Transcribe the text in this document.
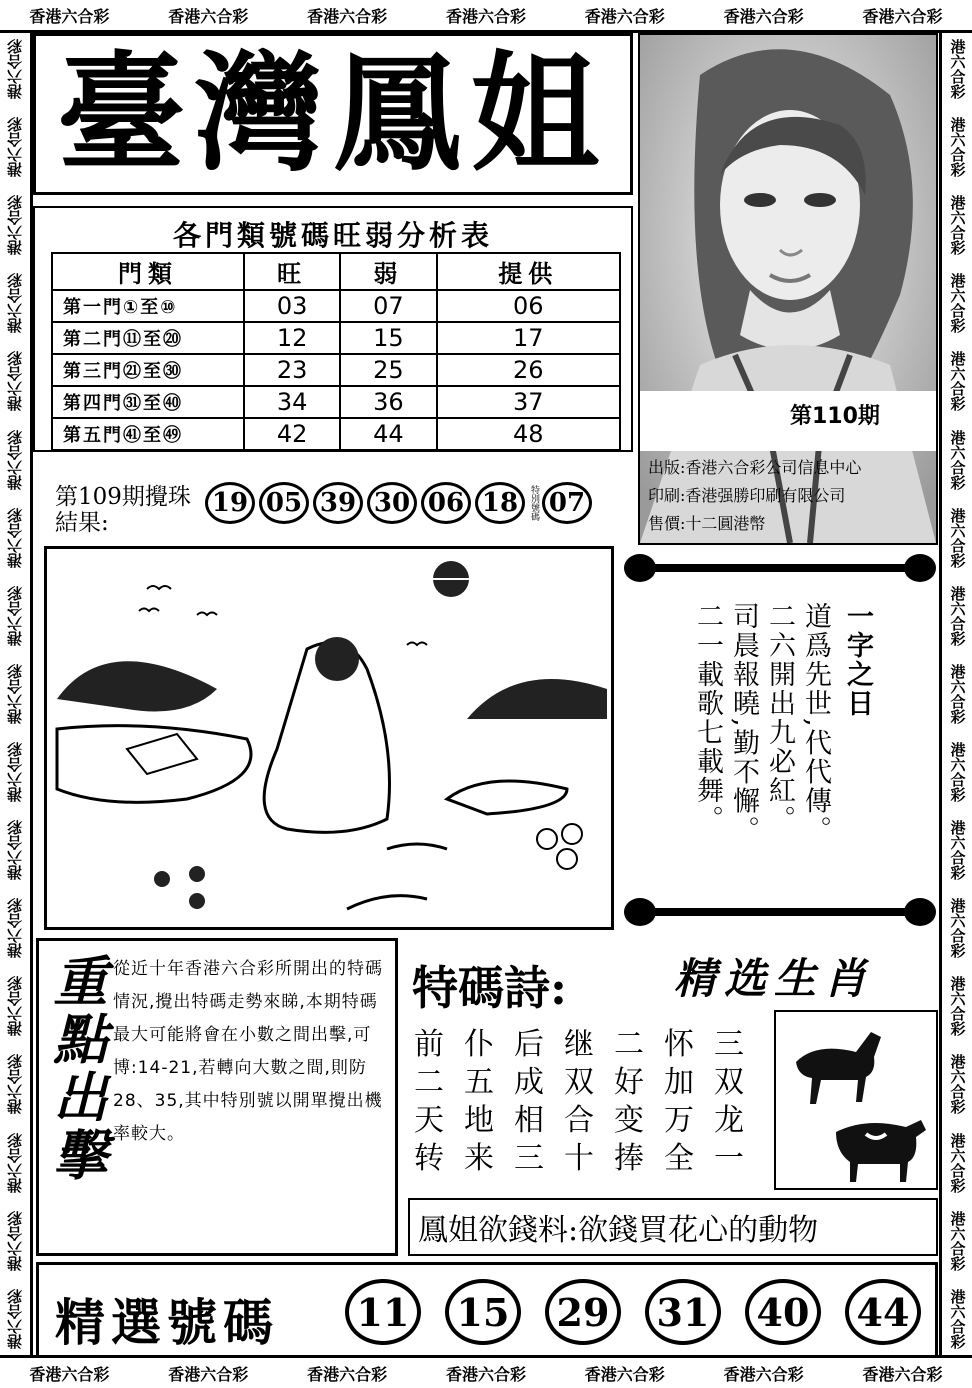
香港六合彩	香港六合彩	香港六合彩	香港六合彩	香港六合彩	香港六合彩	香港六合彩
香港六合彩	香港六合彩	香港六合彩	香港六合彩	香港六合彩	香港六合彩	香港六合彩
港六合彩
港六合彩
港六合彩
港六合彩
港六合彩
港六合彩
港六合彩
港六合彩
港六合彩
港六合彩
港六合彩
港六合彩
港六合彩
港六合彩
港六合彩
港六合彩
港六合彩
港六合彩
港六合彩
港六合彩
港六合彩
港六合彩
港六合彩
港六合彩
港六合彩
港六合彩
港六合彩
港六合彩
港六合彩
港六合彩
港六合彩
港六合彩
港六合彩
港六合彩
臺灣鳳姐
第110期
出版:香港六合彩公司信息中心
印刷:香港强勝印刷有限公司
售價:十二圓港幣
各門類號碼旺弱分析表
門類	旺	弱	提供
第一門①至⑩	03	07	06
第二門⑪至⑳	12	15	17
第三門㉑至㉚	23	25	26
第四門㉛至㊵	34	36	37
第五門㊶至㊾	42	44	48
第109期攪珠結果:
19 05 39 30 06 18	特別號碼 07
一字之日
道爲先世,代代傳。
二六開出九必紅。
司晨報曉,勤不懈。
二一載歌七載舞。
重點出擊 從近十年香港六合彩所開出的特碼情況,攪出特碼走勢來睇,本期特碼最大可能將會在小數之間出擊,可博:14-21,若轉向大數之間,則防28、35,其中特別號以開單攪出機率較大。
特碼詩:	精选生肖
前仆后继二怀三
二五成双好加双
天地相合变万龙
转来三十捧全一
鳳姐欲錢料:欲錢買花心的動物
精選號碼	11	15	29	31	40	44
